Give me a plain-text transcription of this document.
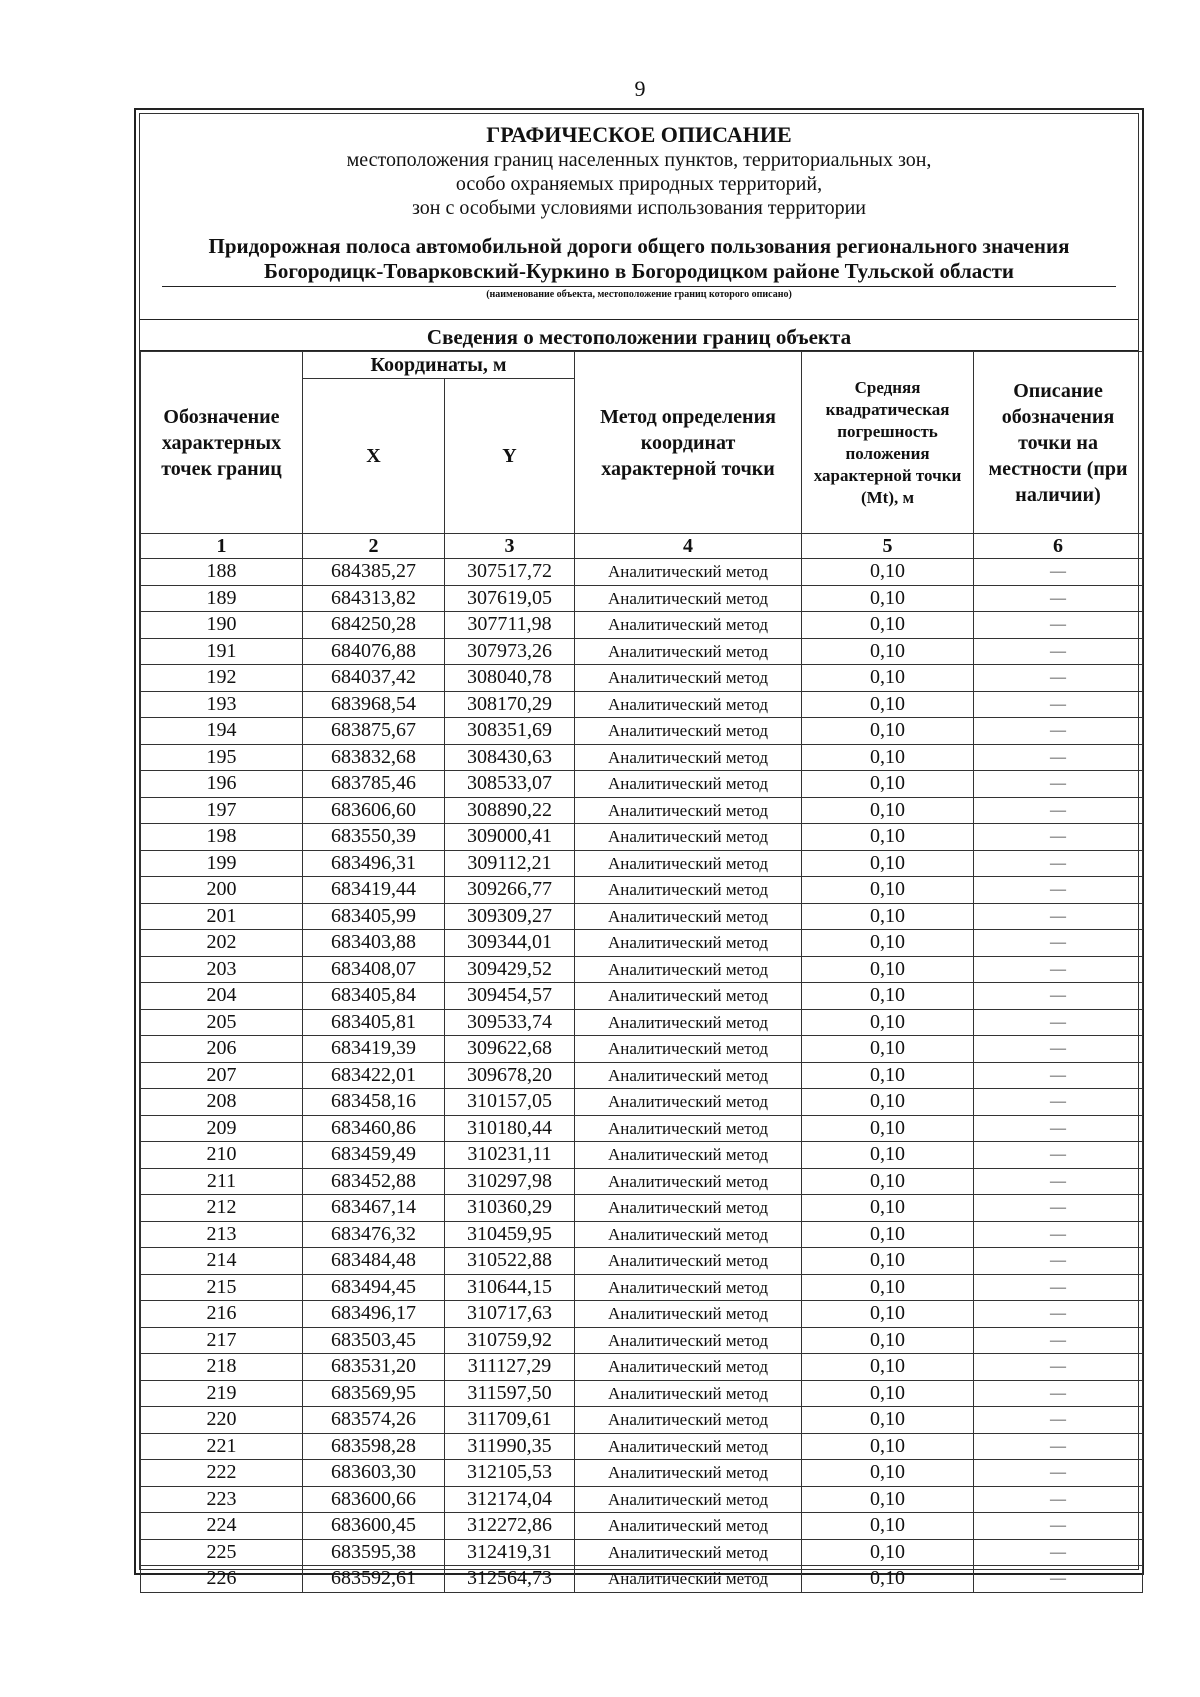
9
ГРАФИЧЕСКОЕ ОПИСАНИЕ
местоположения границ населенных пунктов, территориальных зон,
особо охраняемых природных территорий,
зон с особыми условиями использования территории
Придорожная полоса автомобильной дороги общего пользования регионального значения
Богородицк-Товарковский-Куркино в Богородицком районе Тульской области
(наименование объекта, местоположение границ которого описано)
Сведения о местоположении границ объекта
Обозначение характерных точек границ	Координаты, м		Метод определения координат характерной точки	Средняя квадратическая погрешность положения характерной точки (Mt), м	Описание обозначения точки на местности (при наличии)
	X	Y			
1	2	3	4	5	6
188	684385,27	307517,72	Аналитический метод	0,10	—
189	684313,82	307619,05	Аналитический метод	0,10	—
190	684250,28	307711,98	Аналитический метод	0,10	—
191	684076,88	307973,26	Аналитический метод	0,10	—
192	684037,42	308040,78	Аналитический метод	0,10	—
193	683968,54	308170,29	Аналитический метод	0,10	—
194	683875,67	308351,69	Аналитический метод	0,10	—
195	683832,68	308430,63	Аналитический метод	0,10	—
196	683785,46	308533,07	Аналитический метод	0,10	—
197	683606,60	308890,22	Аналитический метод	0,10	—
198	683550,39	309000,41	Аналитический метод	0,10	—
199	683496,31	309112,21	Аналитический метод	0,10	—
200	683419,44	309266,77	Аналитический метод	0,10	—
201	683405,99	309309,27	Аналитический метод	0,10	—
202	683403,88	309344,01	Аналитический метод	0,10	—
203	683408,07	309429,52	Аналитический метод	0,10	—
204	683405,84	309454,57	Аналитический метод	0,10	—
205	683405,81	309533,74	Аналитический метод	0,10	—
206	683419,39	309622,68	Аналитический метод	0,10	—
207	683422,01	309678,20	Аналитический метод	0,10	—
208	683458,16	310157,05	Аналитический метод	0,10	—
209	683460,86	310180,44	Аналитический метод	0,10	—
210	683459,49	310231,11	Аналитический метод	0,10	—
211	683452,88	310297,98	Аналитический метод	0,10	—
212	683467,14	310360,29	Аналитический метод	0,10	—
213	683476,32	310459,95	Аналитический метод	0,10	—
214	683484,48	310522,88	Аналитический метод	0,10	—
215	683494,45	310644,15	Аналитический метод	0,10	—
216	683496,17	310717,63	Аналитический метод	0,10	—
217	683503,45	310759,92	Аналитический метод	0,10	—
218	683531,20	311127,29	Аналитический метод	0,10	—
219	683569,95	311597,50	Аналитический метод	0,10	—
220	683574,26	311709,61	Аналитический метод	0,10	—
221	683598,28	311990,35	Аналитический метод	0,10	—
222	683603,30	312105,53	Аналитический метод	0,10	—
223	683600,66	312174,04	Аналитический метод	0,10	—
224	683600,45	312272,86	Аналитический метод	0,10	—
225	683595,38	312419,31	Аналитический метод	0,10	—
226	683592,61	312564,73	Аналитический метод	0,10	—
